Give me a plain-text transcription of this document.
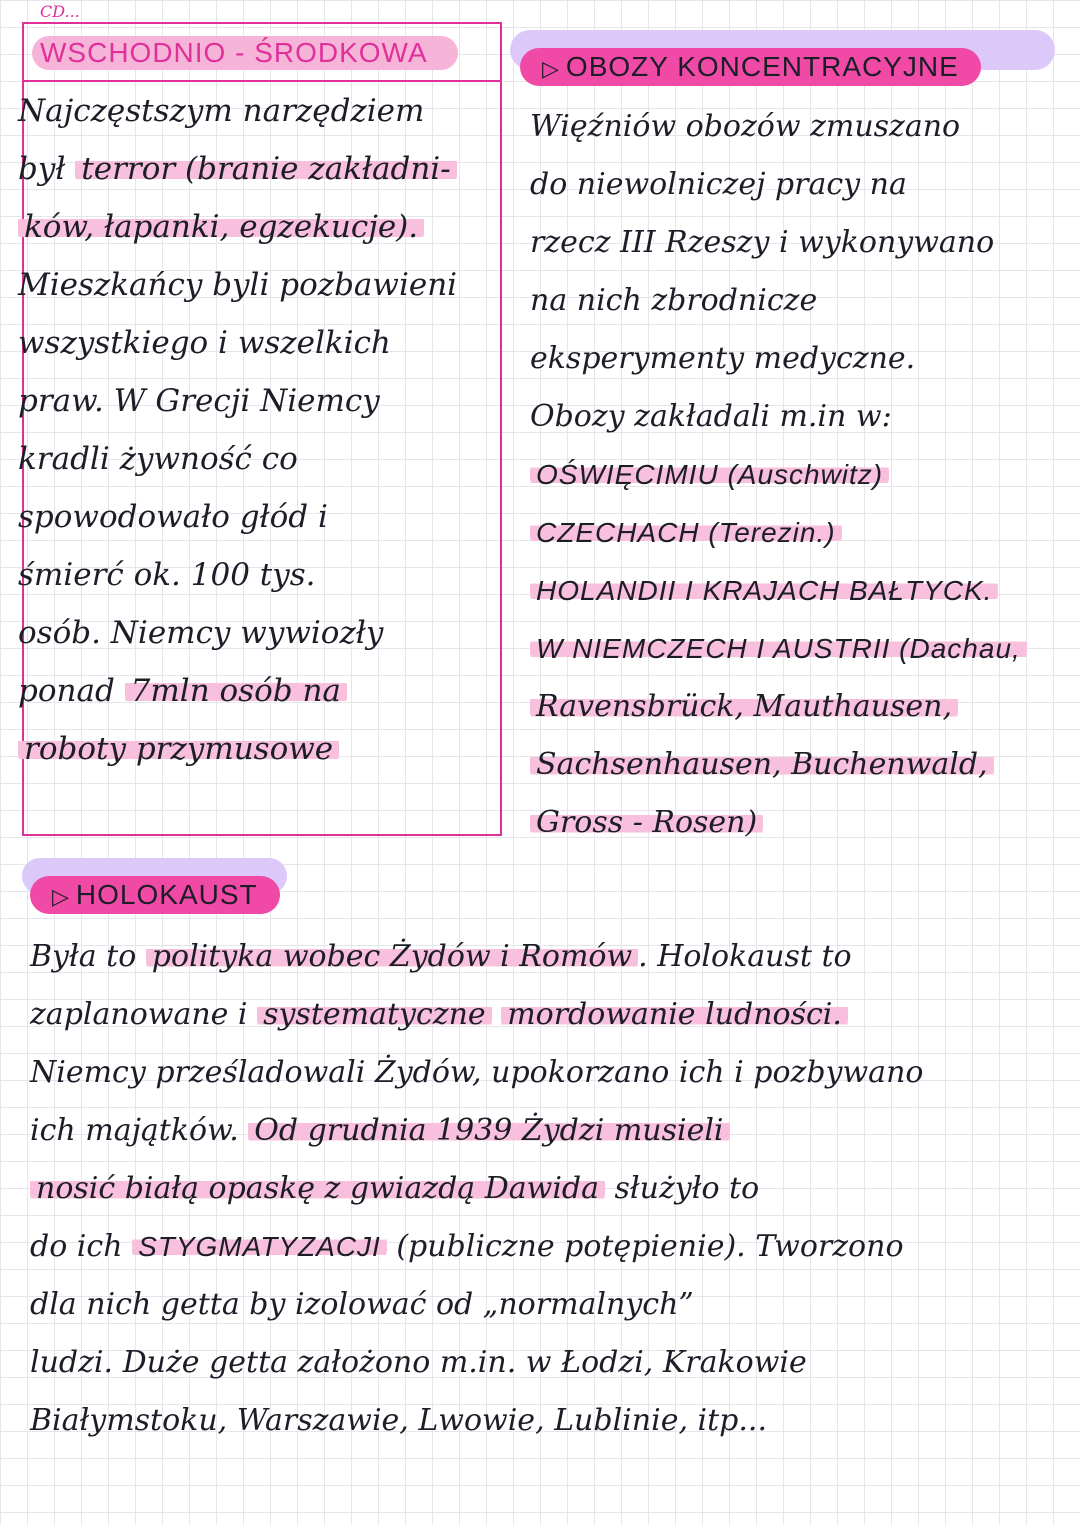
CD...
WSCHODNIO - ŚRODKOWA
Najczęstszym narzędziem
był terror (branie zakładni-
ków, łapanki, egzekucje).
Mieszkańcy byli pozbawieni
wszystkiego i wszelkich
praw. W Grecji Niemcy
kradli żywność co
spowodowało głód i
śmierć ok. 100 tys.
osób. Niemcy wywiozły
ponad 7mln osób na
roboty przymusowe
▷ OBOZY KONCENTRACYJNE
Więźniów obozów zmuszano
do niewolniczej pracy na
rzecz III Rzeszy i wykonywano
na nich zbrodnicze
eksperymenty medyczne.
Obozy zakładali m.in w:
OŚWIĘCIMIU (Auschwitz)
CZECHACH (Terezin.)
HOLANDII I KRAJACH BAŁTYCK.
W NIEMCZECH I AUSTRII (Dachau,
Ravensbrück, Mauthausen,
Sachsenhausen, Buchenwald,
Gross - Rosen)
▷ HOLOKAUST
Była to polityka wobec Żydów i Romów . Holokaust to
zaplanowane i systematyczne mordowanie ludności.
Niemcy prześladowali Żydów, upokorzano ich i pozbywano
ich majątków. Od grudnia 1939 Żydzi musieli
nosić białą opaskę z gwiazdą Dawida służyło to
do ich STYGMATYZACJI (publiczne potępienie). Tworzono
dla nich getta by izolować od „normalnych”
ludzi. Duże getta założono m.in. w Łodzi, Krakowie
Białymstoku, Warszawie, Lwowie, Lublinie, itp...
